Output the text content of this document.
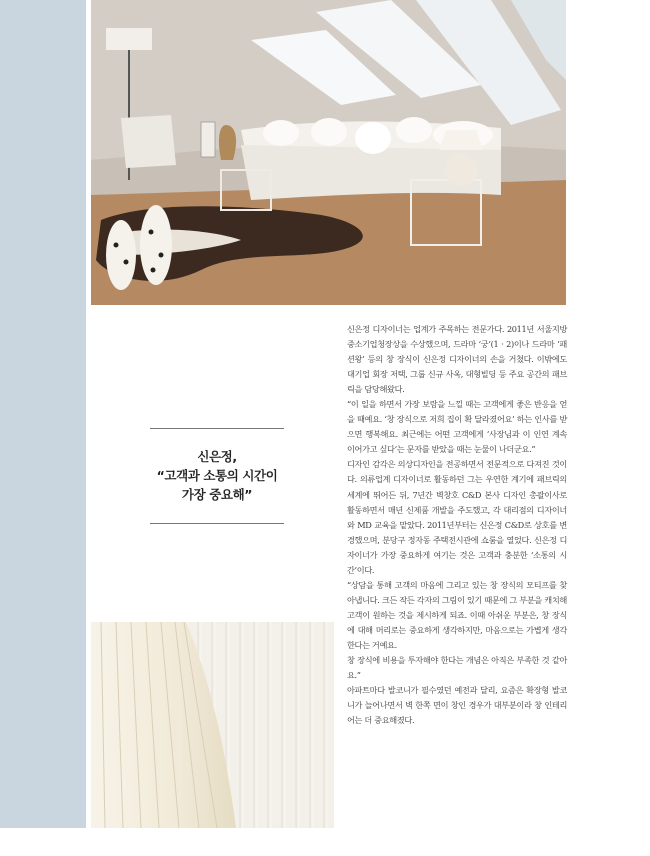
신은정,
“고객과 소통의 시간이
가장 중요해”

신은정 디자이너는 업계가 주목하는 전문가다. 2011년 서울지방중소기업청장상을 수상했으며, 드라마 ‘궁’(1 · 2)이나 드라마 ‘패션왕’ 등의 창 장식이 신은정 디자이너의 손을 거쳤다. 이밖에도 대기업 회장 저택, 그룹 신규 사옥, 대형빌딩 등 주요 공간의 패브릭을 담당해왔다.

“이 일을 하면서 가장 보람을 느낄 때는 고객에게 좋은 반응을 얻을 때예요. ‘창 장식으로 저희 집이 확 달라졌어요’ 하는 인사를 받으면 행복해요. 최근에는 어떤 고객에게 ‘사장님과 이 인연 계속 이어가고 싶다’는 문자를 받았을 때는 눈물이 나더군요.”

디자인 감각은 의상디자인을 전공하면서 전문적으로 다져진 것이다. 의류업계 디자이너로 활동하던 그는 우연한 계기에 패브릭의 세계에 뛰어든 뒤, 7년간 벽창호 C&D 본사 디자인 총괄이사로 활동하면서 매년 신제품 개발을 주도했고, 각 대리점의 디자이너와 MD 교육을 맡았다. 2011년부터는 신은정 C&D로 상호를 변경했으며, 분당구 정자동 주택전시관에 쇼룸을 열었다. 신은정 디자이너가 가장 중요하게 여기는 것은 고객과 충분한 ‘소통의 시간’이다.

“상담을 통해 고객의 마음에 그리고 있는 창 장식의 모티프를 찾아냅니다. 크든 작든 각자의 그림이 있기 때문에 그 부분을 캐치해 고객이 원하는 것을 제시하게 되죠. 이때 아쉬운 부분은, 창 장식에 대해 머리로는 중요하게 생각하지만, 마음으로는 가볍게 생각한다는 거예요.

창 장식에 비용을 투자해야 한다는 개념은 아직은 부족한 것 같아요.”

아파트마다 발코니가 필수였던 예전과 달리, 요즘은 확장형 발코니가 늘어나면서 벽 한쪽 면이 창인 경우가 대부분이라 창 인테리어는 더 중요해졌다.
